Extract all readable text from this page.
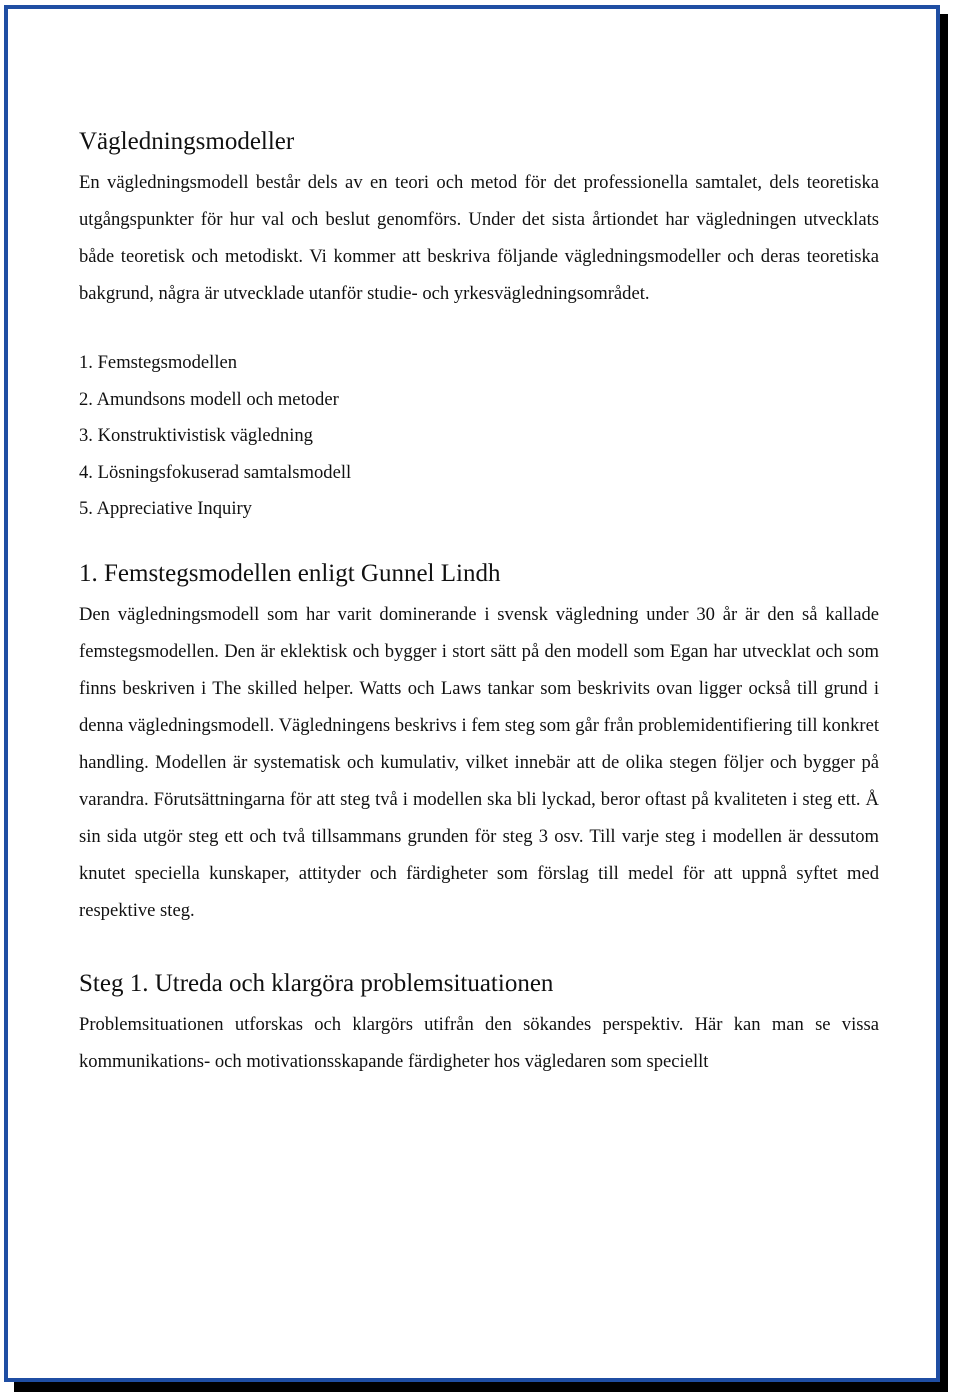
Vägledningsmodeller

En vägledningsmodell består dels av en teori och metod för det professionella samtalet, dels teoretiska utgångspunkter för hur val och beslut genomförs. Under det sista årtiondet har vägledningen utvecklats både teoretisk och metodiskt. Vi kommer att beskriva följande vägledningsmodeller och deras teoretiska bakgrund, några är utvecklade utanför studie- och yrkesvägledningsområdet.

1. Femstegsmodellen
2. Amundsons modell och metoder
3. Konstruktivistisk vägledning
4. Lösningsfokuserad samtalsmodell
5. Appreciative Inquiry
1. Femstegsmodellen enligt Gunnel Lindh

Den vägledningsmodell som har varit dominerande i svensk vägledning under 30 år är den så kallade femstegsmodellen. Den är eklektisk och bygger i stort sätt på den modell som Egan har utvecklat och som finns beskriven i The skilled helper. Watts och Laws tankar som beskrivits ovan ligger också till grund i denna vägledningsmodell. Vägledningens beskrivs i fem steg som går från problemidentifiering till konkret handling. Modellen är systematisk och kumulativ, vilket innebär att de olika stegen följer och bygger på varandra. Förutsättningarna för att steg två i modellen ska bli lyckad, beror oftast på kvaliteten i steg ett. Å sin sida utgör steg ett och två tillsammans grunden för steg 3 osv. Till varje steg i modellen är dessutom knutet speciella kunskaper, attityder och färdigheter som förslag till medel för att uppnå syftet med respektive steg.

Steg 1. Utreda och klargöra problemsituationen

Problemsituationen utforskas och klargörs utifrån den sökandes perspektiv. Här kan man se vissa kommunikations- och motivationsskapande färdigheter hos vägledaren som speciellt
